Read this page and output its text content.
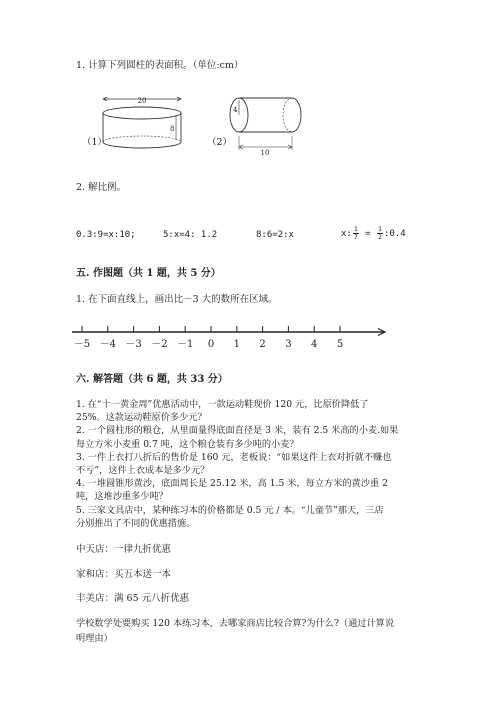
1. 计算下列圆柱的表面积。（单位:cm）
（1）
20
8
（2）
4
10
2. 解比例。
0.3:9=x:10;	5:x=4: 1.2	8:6=2:x	x: $\frac{1}{7} = \frac{1}{2}$ :0.4
五. 作图题（共 1 题，共 5 分）
1. 在下面直线上，画出比－3 大的数所在区域。
－5 －4 －3 －2 －1 0 1 2 3 4 5
六. 解答题（共 6 题，共 33 分）
1. 在“十一黄金周”优惠活动中，一款运动鞋现价 120 元，比原价降低了
25%。这款运动鞋原价多少元？
2. 一个圆柱形的粮仓，从里面量得底面直径是 3 米，装有 2.5 米高的小麦.如果
每立方米小麦重 0.7 吨，这个粮仓装有多少吨的小麦？
3. 一件上衣打八折后的售价是 160 元，老板说：“如果这件上衣对折就不赚也
不亏”，这件上衣成本是多少元？
4. 一堆圆锥形黄沙，底面周长是 25.12 米，高 1.5 米，每立方米的黄沙重 2
吨，这堆沙重多少吨？
5. 三家文具店中，某种练习本的价格都是 0.5 元 / 本。“儿童节”那天，三店
分别推出了不同的优惠措施。
中天店：一律九折优惠
家和店：买五本送一本
丰美店：满 65 元八折优惠
学校数学处要购买 120 本练习本，去哪家商店比较合算?为什么?（通过计算说
明理由）
